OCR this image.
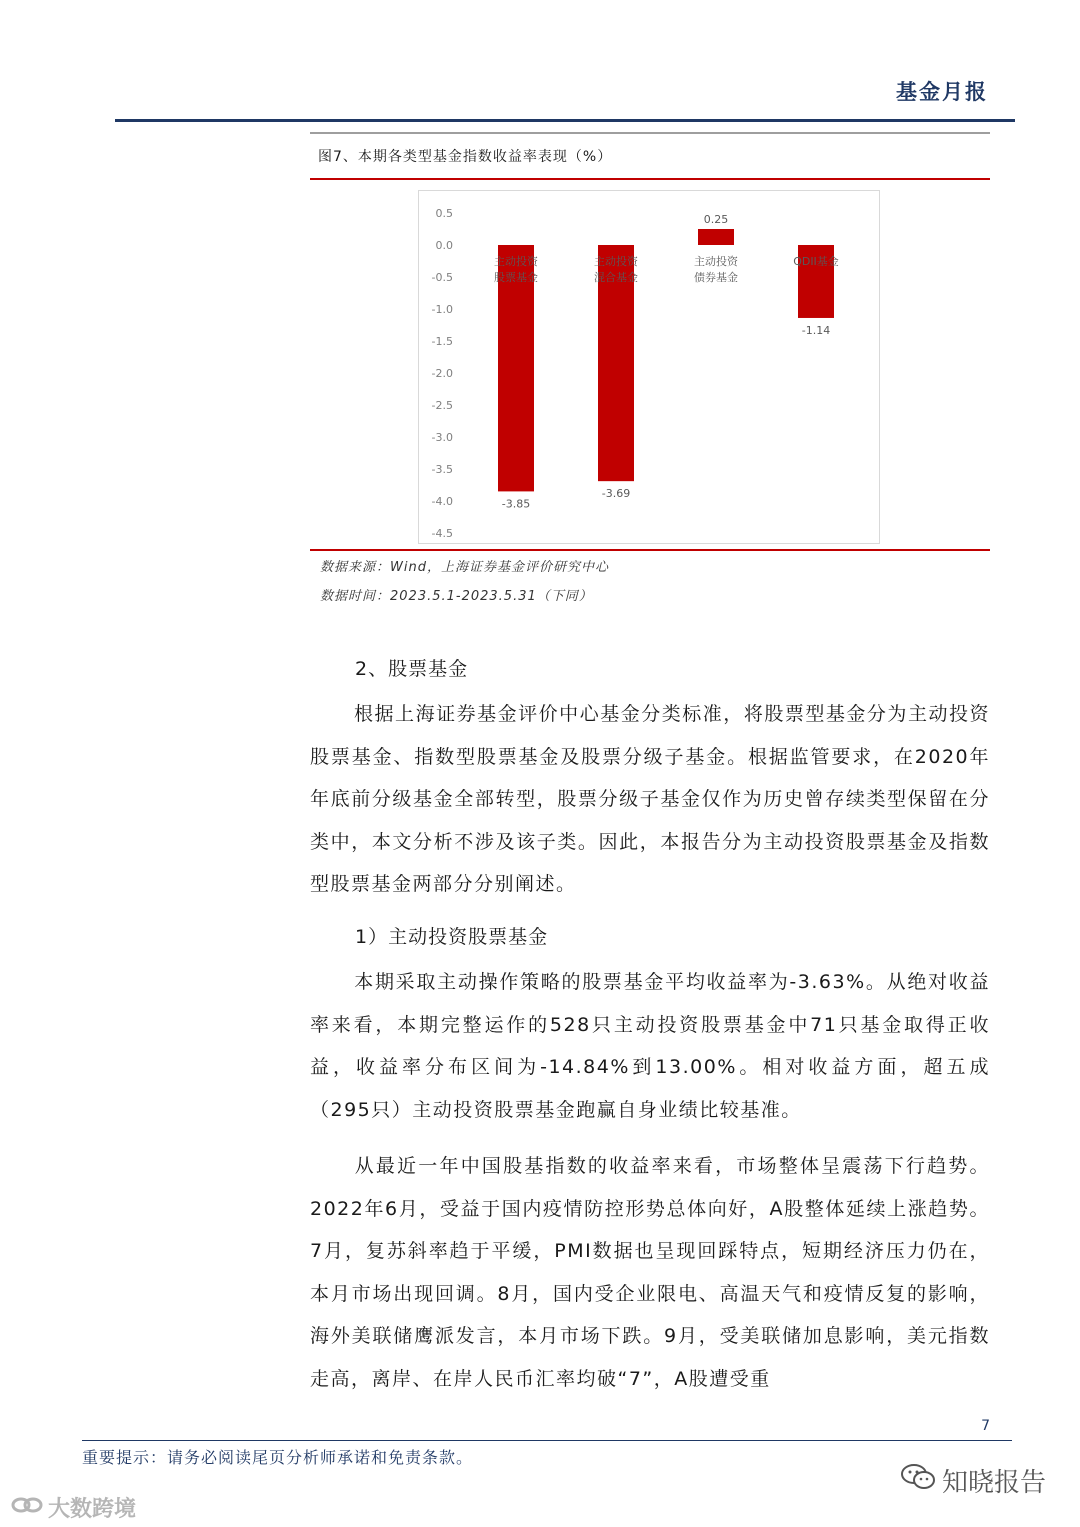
基金月报
图7、本期各类型基金指数收益率表现（%）
0.5
0.0
-0.5
-1.0
-1.5
-2.0
-2.5
-3.0
-3.5
-4.0
-4.5
-3.85
主动投资
股票基金
-3.69
主动投资
混合基金
0.25
主动投资
债券基金
-1.14
QDII基金
数据来源：Wind，上海证券基金评价研究中心
数据时间：2023.5.1-2023.5.31（下同）
2、股票基金

根据上海证券基金评价中心基金分类标准，将股票型基金分为主动投资股票基金、指数型股票基金及股票分级子基金。根据监管要求，在2020年年底前分级基金全部转型，股票分级子基金仅作为历史曾存续类型保留在分类中，本文分析不涉及该子类。因此，本报告分为主动投资股票基金及指数型股票基金两部分分别阐述。

1）主动投资股票基金

本期采取主动操作策略的股票基金平均收益率为-3.63%。从绝对收益率来看，本期完整运作的528只主动投资股票基金中71只基金取得正收益，收益率分布区间为-14.84%到13.00%。相对收益方面，超五成（295只）主动投资股票基金跑赢自身业绩比较基准。

从最近一年中国股基指数的收益率来看，市场整体呈震荡下行趋势。2022年6月，受益于国内疫情防控形势总体向好，A股整体延续上涨趋势。7月，复苏斜率趋于平缓，PMI数据也呈现回踩特点，短期经济压力仍在，本月市场出现回调。8月，国内受企业限电、高温天气和疫情反复的影响，海外美联储鹰派发言，本月市场下跌。9月，受美联储加息影响，美元指数走高，离岸、在岸人民币汇率均破“7”，A股遭受重

7
重要提示：请务必阅读尾页分析师承诺和免责条款。
大数跨境
知晓报告
